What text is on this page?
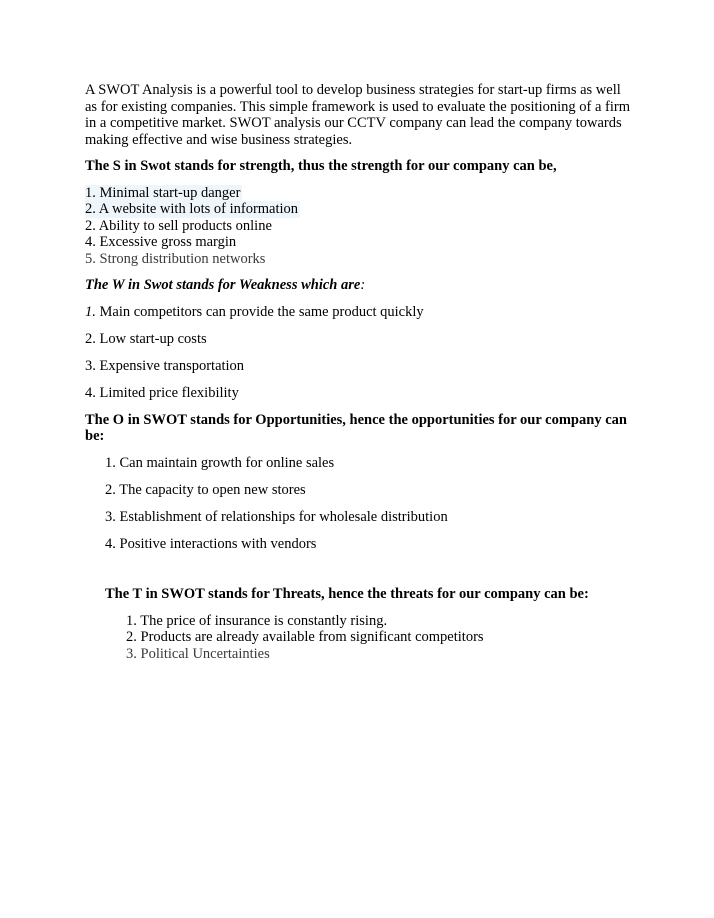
A SWOT Analysis is a powerful tool to develop business strategies for start-up firms as well as for existing companies. This simple framework is used to evaluate the positioning of a firm in a competitive market. SWOT analysis our CCTV company can lead the company towards making effective and wise business strategies.

The S in Swot stands for strength, thus the strength for our company can be,

1. Minimal start-up danger
2. A website with lots of information
2. Ability to sell products online
4. Excessive gross margin
5. Strong distribution networks

The W in Swot stands for Weakness which are:

1. Main competitors can provide the same product quickly
2. Low start-up costs
3. Expensive transportation
4. Limited price flexibility

The O in SWOT stands for Opportunities, hence the opportunities for our company can be:

1. Can maintain growth for online sales
2. The capacity to open new stores
3. Establishment of relationships for wholesale distribution
4. Positive interactions with vendors

The T in SWOT stands for Threats, hence the threats for our company can be:

1. The price of insurance is constantly rising.
2. Products are already available from significant competitors
3. Political Uncertainties
